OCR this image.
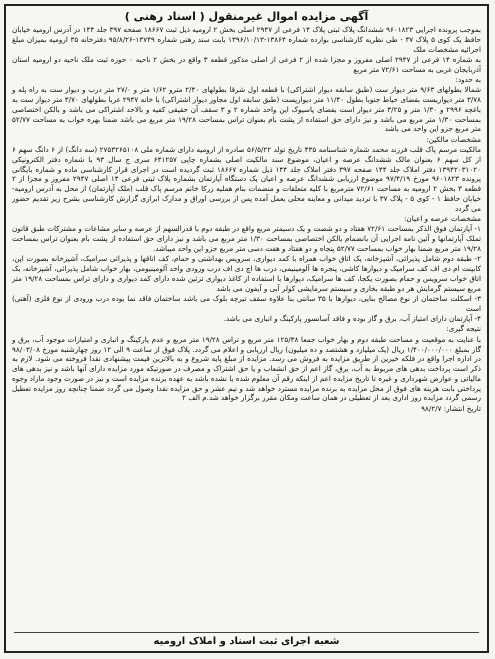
آگهی مزایده اموال غیرمنقول ( اسناد رهنی )

بموجب پرونده اجرایی ۹۶۰۱۸۲۳ ششدانگ پلاک ثبتی پلاک ۱۴ فرعی از ۲۹۴۷ اصلی بخش ۲ ارومیه ذیل ثبت ۱۸۶۶۷ صفحه ۳۹۷ جلد ۱۴۴ در آدرس ارومیه خیابان حافظ یک کوی ۵ پلاک ۳۷ - طی نظریه کارشناسی بوارده شماره ۱۳۸۶۴-۱۳۹۶/۱۰/۱۳ بابت سند رهنی شماره ۱۳۷۴۹-۹۵/۸/۲۶ دفترخانه ۳۵ ارومیه بمیزان مبلغ اجرائیه مشخصات ملک

به شماره ۱۴ فرعی از ۲۹۴۷ اصلی مفروز و مجزا شده از ۲ فرعی از اصلی مذکور قطعه ۳ واقع در بخش ۲ ناحیه ۰ حوزه ثبت ملک ناحیه دو ارومیه استان آذربایجان غربی به مساحت ۷۲/۶۱ متر مربع

به حدود:

شمالا بطولهای ۹/۶۳ متر دیوار ست (طبق سابقه دیوار اشتراکی) با قطعه اول شرقا بطولهای ۲/۴۰ مترو ۱/۶۲ متر و ۲۷/۰ متر درب و دیوار ست به راه پله و ۳/۷۸ متر دیواریست بفضای حیاط جنوبا بطول ۱۱/۴۰ متر دیواریست (طبق سابقه اول مجاور دیوار اشتراکی) با خانه ۲۹۴۷ غربا بطولهای ۳/۷۰ متر دیوار ست به باغچه ۲۹۹۶ و ۱/۳۰ متر و ۳/۲۵ متر دیوار است بفضای پاسیوک این واحد شماره ۲ و ۳ سقف آن حقیقی کفیه و بالاحد اشتراکی می باشد و بالکن اختصاصی بمساحت ۱/۳۰ متر مربع می باشد و نیز دارای حق استفاده از پشت بام بعنوان تراس بمساحت ۱۹/۲۸ متر مربع می باشد ضمنا بهره خواب به مساحت ۵۲/۷۷ متر مربع جزو این واحد می باشد

مشخصات مالکین:

مالکیت مرسم پاک قلب فرزند محمد شماره شناسنامه ۴۳۵ تاریخ تولد ۵۶/۵/۲۲ صادره از ارومیه دارای شماره ملی ۲۷۵۳۲۶۵۱۰۸ (سه دانگ) از ۶ دانگ سهم ۶ از کل سهم ۶ بعنوان مالک ششدانگ عرصه و اعیان، موضوع سند مالکیت اصلی بشماره چاپی ۶۴۱۲۵۷ سری ج سال ۹۳ با شماره دفتر الکترونیکی ۱۳۹۴۲۰۳۱۰۲۰ دفتر املاک جلد ۱۴۴ صفحه ۳۹۷ دفتر املاک جلد ۱۴۴ ذیل شماره ۱۸۶۶۷ ثبت گردیده است در اجرای قرار کارشناسی ماده و شماره بایگانی پرونده ۹۶۰۱۸۲۳ مورخ ۹۷/۴/۱۹ موضوع ارزیابی ششدانگ عرصه و اعیان یک دستگاه آپارتمان بشماره پلاک ثبتی فرعی ۱۴ اصلی ۲۹۴۷ مفروز و مجزا از ۲ قطعه ۳ بخش ۲ ارومیه به مساحت ۷۲/۶۱ مترمربع با کلیه متعلقات و منضمات بنام هملیه زرکا خانم مرسم پاک قلب (ملک آپارتمان) از محل به آدرس ارومیه- خیابان حافظ ۱ - کوی ۵ - پلاک ۳۷ با تردید میدانی و معاینه محلی بعمل آمده پس از بررسی اوراق و مدارک ابرازی گزارش کارشناسی بشرح زیر تقدیم حضور می گردد

مشخصات عرصه و اعیان:

۱- آپارتمان فوق الذکر بمساحت ۷۲/۶۱ هفتاد و دو شصت و یک دسیمتر مربع واقع در طبقه دوم با قدرالسهم از عرصه و سایر مشاعات و مشترکات طبق قانون تملک آپارتمانها و آئین نامه اجرایی آن بانضمام بالکن اختصاصی بمساحت ۱/۳۰ متر مربع می باشد و نیز دارای حق استفاده از پشت بام بعنوان تراس بمساحت ۱۹/۲۸ متر مربع ضمنا بهار خواب بمساحت ۵۲/۷۷ پنجاه و دو هفتاد و هفت دسی متر مربع جزو این واحد میباشد.

۲- طبقه دوم شامل پذیرائی، آشپزخانه، یک اتاق خواب همراه با کمد دیواری، سرویس بهداشتی و حمام، کف اتاقها و پذیرائی سرامیک، آشپزخانه بصورت اپن، کابینت ام دی اف کف سرامیک و دیوارها کاشی، پنجره ها آلومینیمی، درب ها اچ دی اف درب ورودی واحد آلومینیومی، بهار خواب شامل پذیرائی، آشپزخانه، یک اتاق خواب سرویس و حمام بصورت یکجا، کف ها سرامیک، دیوارها با استفاده از کاغذ دیواری تزئین شده دارای کمد دیواری و دارای تراس بمساحت ۱۹/۲۸ متر مربع سیستم گرمایش هر دو طبقه بخاری و سیستم سرمایشی کولر آبی و آیفون می باشد

۳- اسکلت ساختمان از نوع مصالح بنایی، دیوارها با ۳۵ سانتی بنا علاوه سقف تیرچه بلوک می باشد ساختمان فاقد نما بوده درب ورودی از نوع فلزی (آهنی) است

۴- آپارتمان دارای امتیاز آب، برق و گاز بوده و فاقد آسانسور پارکینگ و انباری می باشد.

نتیجه گیری:

با عنایت به موقعیت و مساحت طبقه دوم و بهار خواب جمعا ۱۲۵/۳۸ متر مربع و تراس ۱۹/۲۸ متر مربع و عدم پارکینگ و انباری و امتیازات موجود آب، برق و گاز بمبلغ ۱/۴۰۰/۰۰۰/۰۰۰ ریال (یک میلیارد و هشتصد و ده میلیون) ریال ارزیابی و اعلام می گردد. پلاک فوق از ساعت ۹ الی ۱۲ روز چهارشنبه مورخ ۹۸/۰۳/۰۸ در اداره اجرا واقع در فلکه خیرین از طریق مزایده به فروش می رسد. مزایده از مبلغ پایه شروع و به بالاترین قیمت پیشنهادی نقدا فروخته می شود. لازم به ذکر است پرداخت بدهی های مربوط به آب، برق، گاز اعم از حق انشعاب و یا حق اشتراک و مصرف در صورتیکه مورد مزایده دارای آنها باشد و نیز بدهی های مالیاتی و عوارض شهرداری و غیره تا تاریخ مزایده اعم از اینکه رقم آن معلوم شده یا نشده باشد به عهده برنده مزایده است و نیز در صورت وجود مازاد وجوه پرداختی بابت هزینه های فوق از محل مزایده به برنده مزایده مسترد خواهد شد و نیم عشر و حق مزایده نقدا وصول می گردد ضمنا چنانچه روز مزایده تعطیل رسمی گردد مزایده روز اداری بعد از تعطیلی در همان ساعت ومکان مقرر برگزار خواهد شد.م الف ۲

تاریخ انتشار: ۹۸/۲/۷

شعبه اجرای ثبت اسناد و املاک ارومیه
